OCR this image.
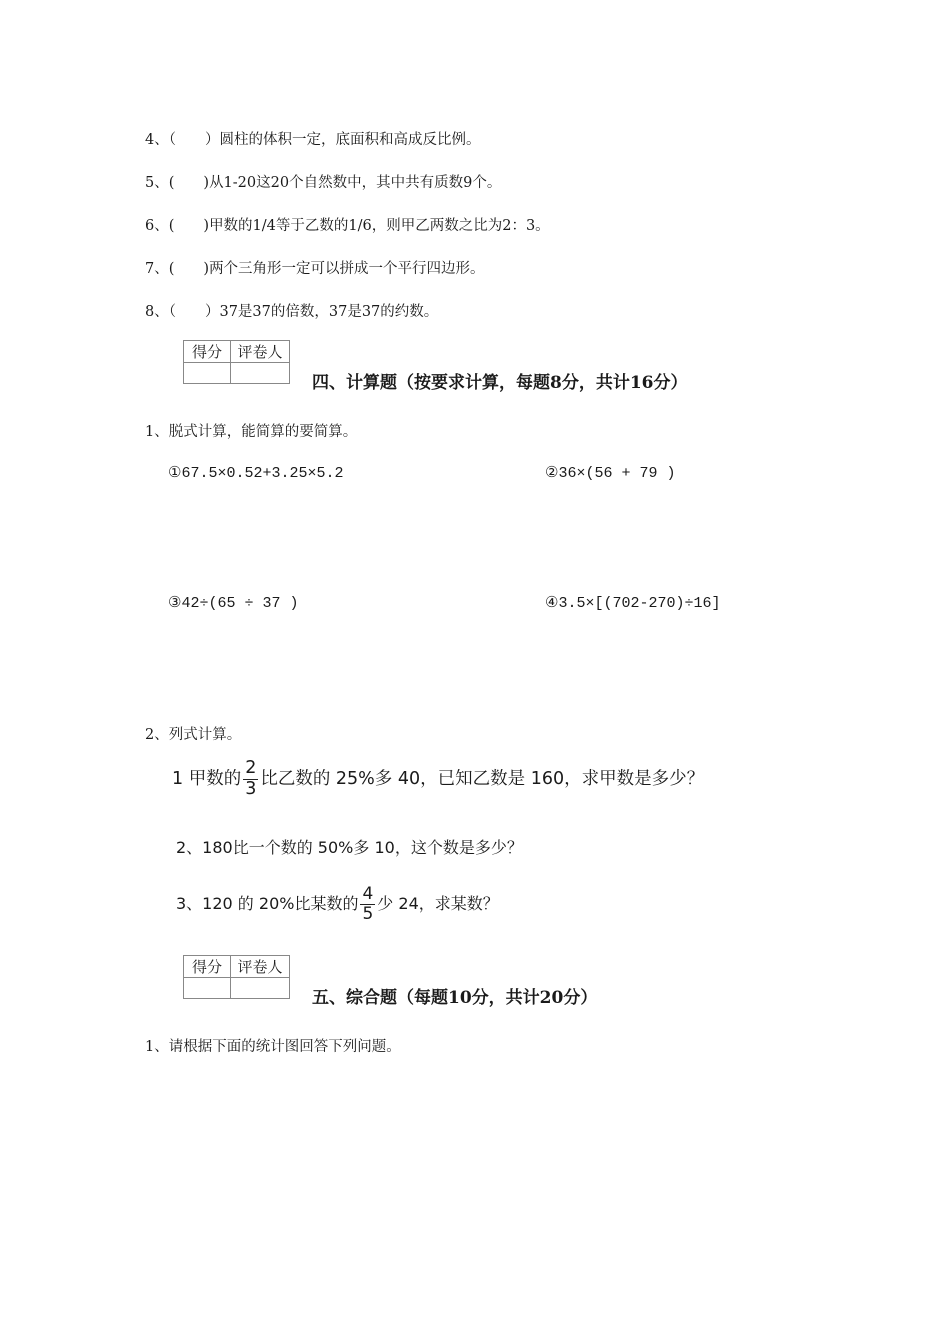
4、（　　）圆柱的体积一定，底面积和高成反比例。
5、(　　)从1-20这20个自然数中，其中共有质数9个。
6、(　　)甲数的1/4等于乙数的1/6，则甲乙两数之比为2：3。
7、(　　)两个三角形一定可以拼成一个平行四边形。
8、（　　）37是37的倍数，37是37的约数。
得分	评卷人

四、计算题（按要求计算，每题8分，共计16分）
1、脱式计算，能简算的要简算。
①67.5×0.52+3.25×5.2	②36×(56 + 79 )
③42÷(65 ÷ 37 )	④3.5×[(702-270)÷16]
2、列式计算。
1 甲数的 $\frac{2}{3}$ 比乙数的 25%多 40，已知乙数是 160，求甲数是多少？
2、180比一个数的 50%多 10，这个数是多少？
3、120 的 20%比某数的 $\frac{4}{5}$ 少 24，求某数？
得分	评卷人

五、综合题（每题10分，共计20分）
1、请根据下面的统计图回答下列问题。
